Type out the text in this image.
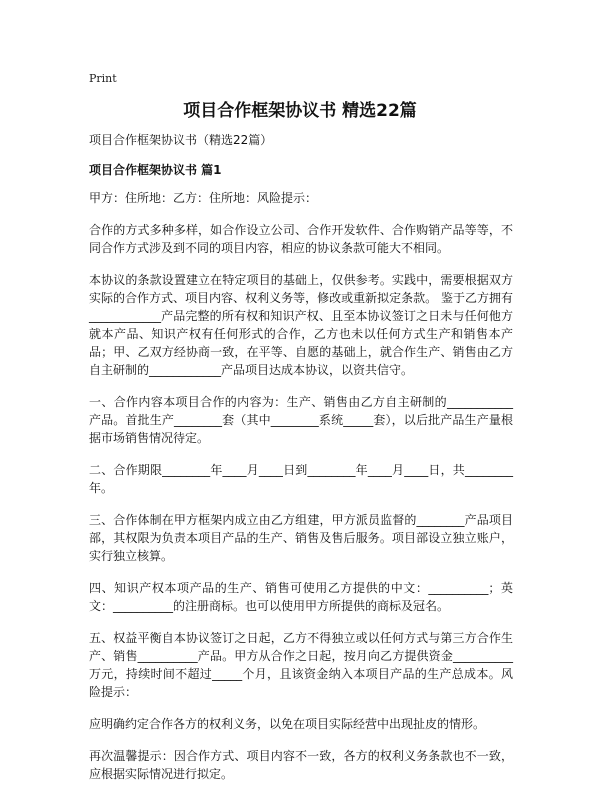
Print
项目合作框架协议书 精选22篇

项目合作框架协议书（精选22篇）

项目合作框架协议书 篇1

甲方：住所地：乙方：住所地：风险提示：

合作的方式多种多样，如合作设立公司、合作开发软件、合作购销产品等等，不同合作方式涉及到不同的项目内容，相应的协议条款可能大不相同。

本协议的条款设置建立在特定项目的基础上，仅供参考。实践中，需要根据双方实际的合作方式、项目内容、权利义务等，修改或重新拟定条款。 鉴于乙方拥有____________产品完整的所有权和知识产权、且至本协议签订之日未与任何他方就本产品、知识产权有任何形式的合作，乙方也未以任何方式生产和销售本产品；甲、乙双方经协商一致，在平等、自愿的基础上，就合作生产、销售由乙方自主研制的____________产品项目达成本协议，以资共信守。

一、合作内容本项目合作的内容为：生产、销售由乙方自主研制的___________产品。首批生产________套（其中________系统_____套），以后批产品生产量根据市场销售情况待定。

二、合作期限________年____月____日到________年____月____日，共________年。

三、合作体制在甲方框架内成立由乙方组建，甲方派员监督的________产品项目部，其权限为负责本项目产品的生产、销售及售后服务。项目部设立独立账户，实行独立核算。

四、知识产权本项产品的生产、销售可使用乙方提供的中文：__________；英文：__________的注册商标。也可以使用甲方所提供的商标及冠名。

五、权益平衡自本协议签订之日起，乙方不得独立或以任何方式与第三方合作生产、销售__________产品。甲方从合作之日起，按月向乙方提供资金__________万元，持续时间不超过_____个月，且该资金纳入本项目产品的生产总成本。风险提示：

应明确约定合作各方的权利义务，以免在项目实际经营中出现扯皮的情形。

再次温馨提示：因合作方式、项目内容不一致，各方的权利义务条款也不一致，应根据实际情况进行拟定。
